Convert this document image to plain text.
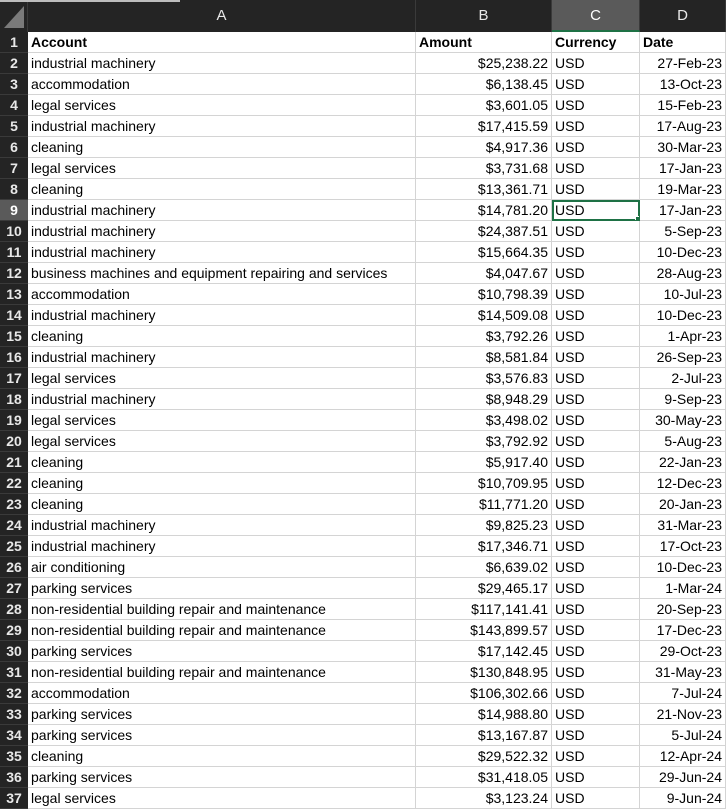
A	B	C	D
1 Account	Amount	Currency	Date
2 industrial machinery	$25,238.22 USD	27-Feb-23
3 accommodation	$6,138.45 USD	13-Oct-23
4 legal services	$3,601.05 USD	15-Feb-23
5 industrial machinery	$17,415.59 USD	17-Aug-23
6 cleaning	$4,917.36 USD	30-Mar-23
7 legal services	$3,731.68 USD	17-Jan-23
8 cleaning	$13,361.71 USD	19-Mar-23
9 industrial machinery	$14,781.20 USD	17-Jan-23
10 industrial machinery	$24,387.51 USD	5-Sep-23
11 industrial machinery	$15,664.35 USD	10-Dec-23
12 business machines and equipment repairing and services	$4,047.67 USD	28-Aug-23
13 accommodation	$10,798.39 USD	10-Jul-23
14 industrial machinery	$14,509.08 USD	10-Dec-23
15 cleaning	$3,792.26 USD	1-Apr-23
16 industrial machinery	$8,581.84 USD	26-Sep-23
17 legal services	$3,576.83 USD	2-Jul-23
18 industrial machinery	$8,948.29 USD	9-Sep-23
19 legal services	$3,498.02 USD	30-May-23
20 legal services	$3,792.92 USD	5-Aug-23
21 cleaning	$5,917.40 USD	22-Jan-23
22 cleaning	$10,709.95 USD	12-Dec-23
23 cleaning	$11,771.20 USD	20-Jan-23
24 industrial machinery	$9,825.23 USD	31-Mar-23
25 industrial machinery	$17,346.71 USD	17-Oct-23
26 air conditioning	$6,639.02 USD	10-Dec-23
27 parking services	$29,465.17 USD	1-Mar-24
28 non-residential building repair and maintenance	$117,141.41 USD	20-Sep-23
29 non-residential building repair and maintenance	$143,899.57 USD	17-Dec-23
30 parking services	$17,142.45 USD	29-Oct-23
31 non-residential building repair and maintenance	$130,848.95 USD	31-May-23
32 accommodation	$106,302.66 USD	7-Jul-24
33 parking services	$14,988.80 USD	21-Nov-23
34 parking services	$13,167.87 USD	5-Jul-24
35 cleaning	$29,522.32 USD	12-Apr-24
36 parking services	$31,418.05 USD	29-Jun-24
37 legal services	$3,123.24 USD	9-Jun-24
